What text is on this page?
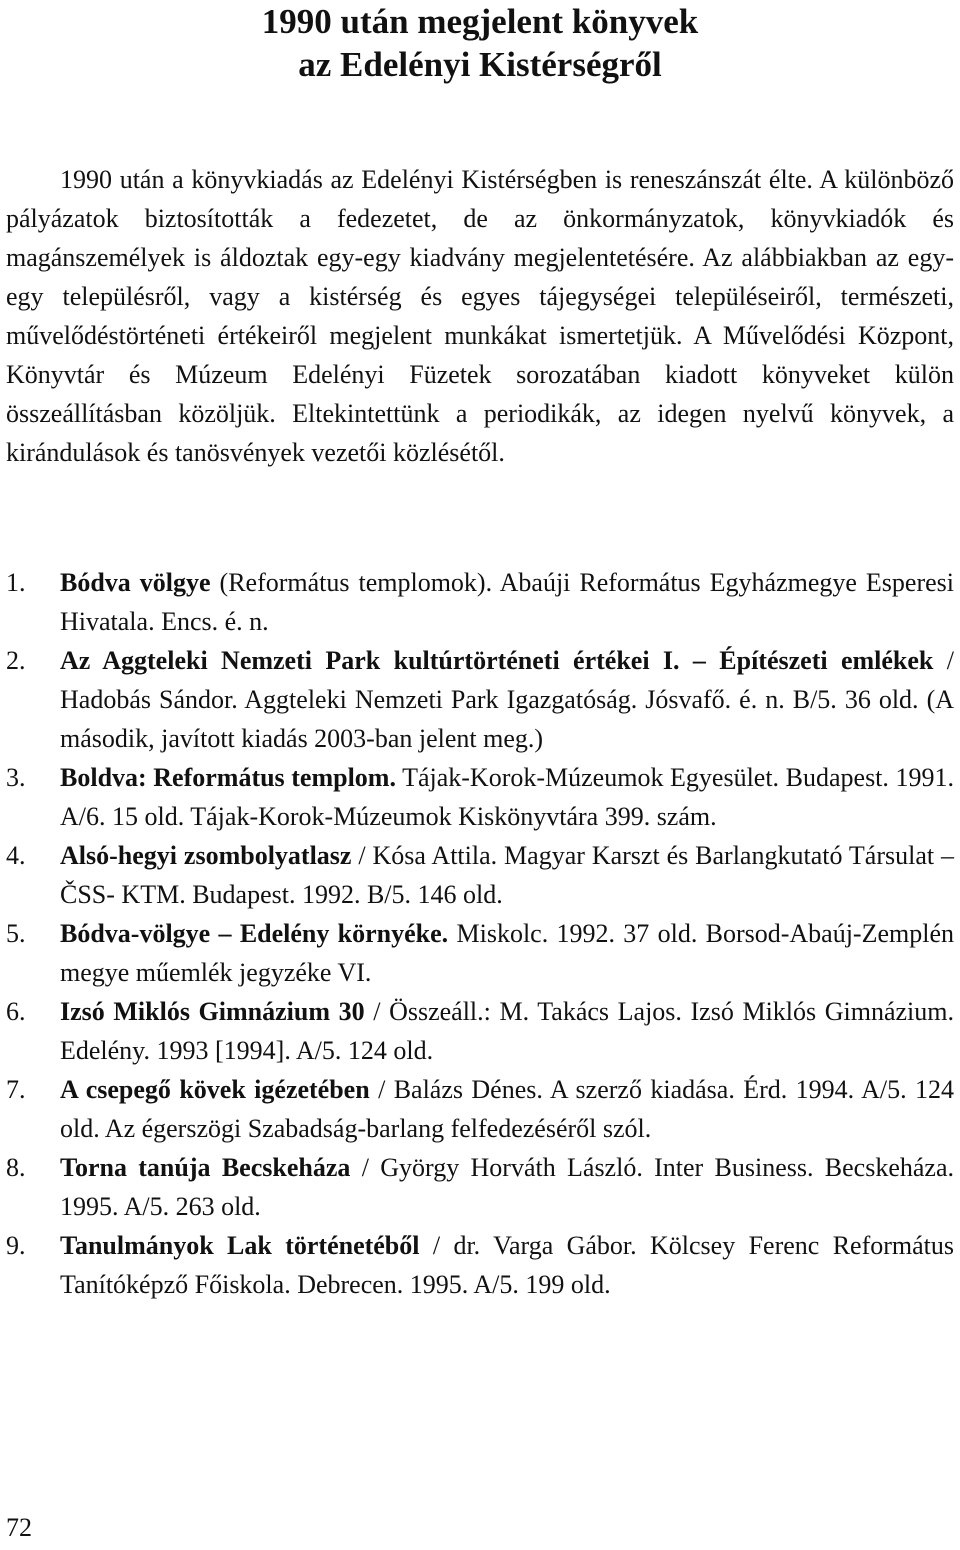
1990 után megjelent könyvek
az Edelényi Kistérségről

1990 után a könyvkiadás az Edelényi Kistérségben is reneszánszát élte. A különböző pályázatok biztosították a fedezetet, de az önkormányzatok, könyvkiadók és magánszemélyek is áldoztak egy-egy kiadvány megjelentetésére. Az alábbiakban az egy-egy településről, vagy a kistérség és egyes tájegységei településeiről, természeti, művelődéstörténeti értékeiről megjelent munkákat ismertetjük. A Művelődési Központ, Könyvtár és Múzeum Edelényi Füzetek sorozatában kiadott könyveket külön összeállításban közöljük. Eltekintettünk a periodikák, az idegen nyelvű könyvek, a kirándulások és tanösvények vezetői közlésétől.

1. Bódva völgye (Református templomok). Abaúji Református Egyházmegye Esperesi Hivatala. Encs. é. n.
2. Az Aggteleki Nemzeti Park kultúrtörténeti értékei I. – Építészeti emlékek / Hadobás Sándor. Aggteleki Nemzeti Park Igazgatóság. Jósvafő. é. n. B/5. 36 old. (A második, javított kiadás 2003-ban jelent meg.)
3. Boldva: Református templom. Tájak-Korok-Múzeumok Egyesület. Budapest. 1991. A/6. 15 old. Tájak-Korok-Múzeumok Kiskönyvtára 399. szám.
4. Alsó-hegyi zsombolyatlasz / Kósa Attila. Magyar Karszt és Barlangkutató Társulat – ČSS- KTM. Budapest. 1992. B/5. 146 old.
5. Bódva-völgye – Edelény környéke. Miskolc. 1992. 37 old. Borsod-Abaúj-Zemplén megye műemlék jegyzéke VI.
6. Izsó Miklós Gimnázium 30 / Összeáll.: M. Takács Lajos. Izsó Miklós Gimnázium. Edelény. 1993 [1994]. A/5. 124 old.
7. A csepegő kövek igézetében / Balázs Dénes. A szerző kiadása. Érd. 1994. A/5. 124 old. Az égerszögi Szabadság-barlang felfedezéséről szól.
8. Torna tanúja Becskeháza / György Horváth László. Inter Business. Becskeháza. 1995. A/5. 263 old.
9. Tanulmányok Lak történetéből / dr. Varga Gábor. Kölcsey Ferenc Református Tanítóképző Főiskola. Debrecen. 1995. A/5. 199 old.
72
